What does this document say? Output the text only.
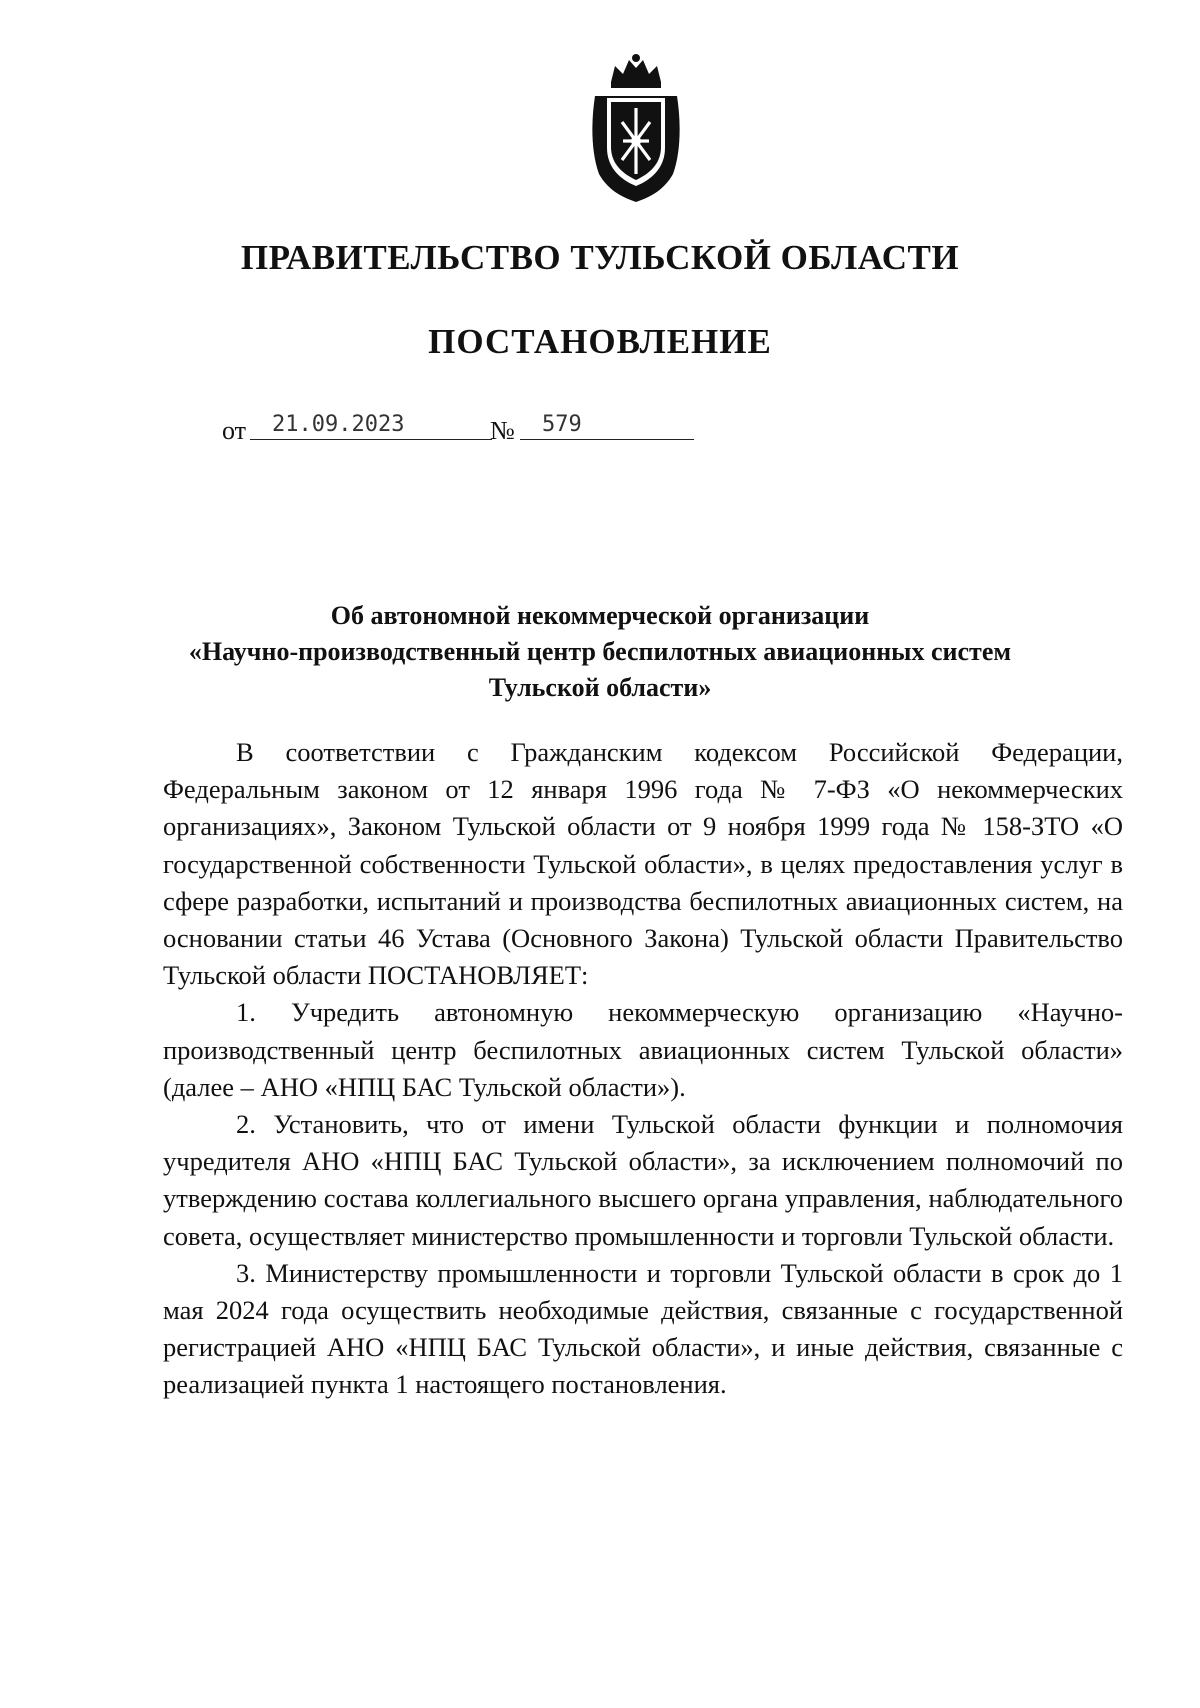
ПРАВИТЕЛЬСТВО ТУЛЬСКОЙ ОБЛАСТИ
ПОСТАНОВЛЕНИЕ
от	21.09.2023	№	579
Об автономной некоммерческой организации
«Научно-производственный центр беспилотных авиационных систем
Тульской области»

В соответствии с Гражданским кодексом Российской Федерации, Федеральным законом от 12 января 1996 года № 7-ФЗ «О некоммерческих организациях», Законом Тульской области от 9 ноября 1999 года № 158-ЗТО «О государственной собственности Тульской области», в целях предоставления услуг в сфере разработки, испытаний и производства беспилотных авиационных систем, на основании статьи 46 Устава (Основного Закона) Тульской области Правительство Тульской области ПОСТАНОВЛЯЕТ:

1. Учредить автономную некоммерческую организацию «Научно-производственный центр беспилотных авиационных систем Тульской области» (далее – АНО «НПЦ БАС Тульской области»).

2. Установить, что от имени Тульской области функции и полномочия учредителя АНО «НПЦ БАС Тульской области», за исключением полномочий по утверждению состава коллегиального высшего органа управления, наблюдательного совета, осуществляет министерство промышленности и торговли Тульской области.

3. Министерству промышленности и торговли Тульской области в срок до 1 мая 2024 года осуществить необходимые действия, связанные с государственной регистрацией АНО «НПЦ БАС Тульской области», и иные действия, связанные с реализацией пункта 1 настоящего постановления.
